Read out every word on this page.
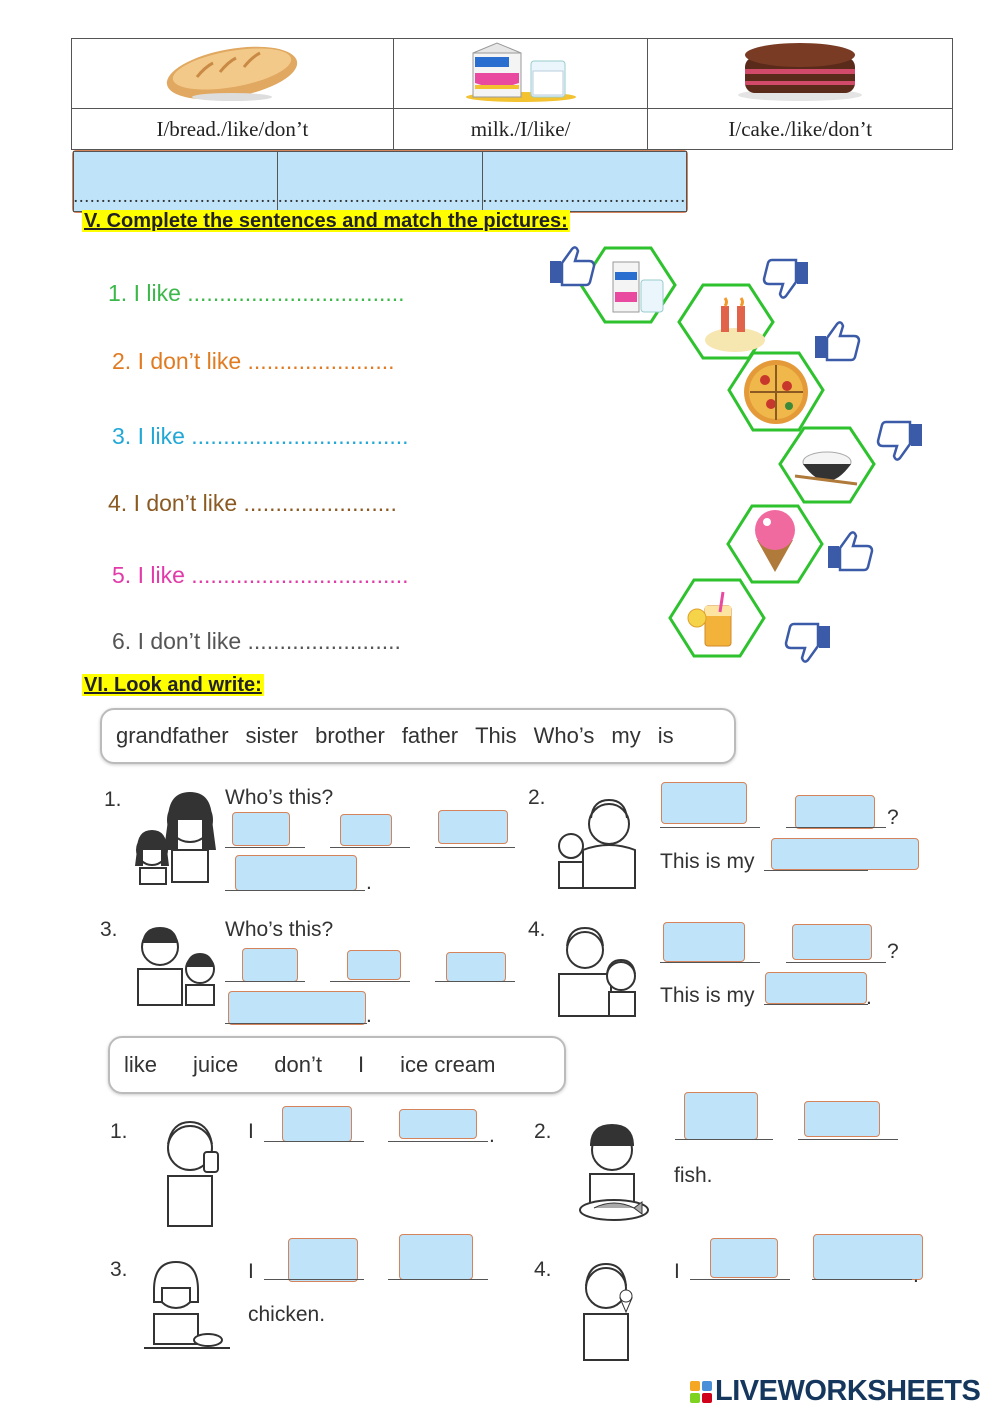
I/bread./like/don’t	milk./I/like/	I/cake./like/don’t

.....................................	.....................................	.....................................
V. Complete the sentences and match the pictures:
1. I like ..................................
2. I don’t like .......................
3. I like ..................................
4. I don’t like ........................
5. I like ..................................
6. I don’t like ........................
VI. Look and write:
grandfather sister brother father This Who’s my is
1.	Who’s this?
.
2.
?
This is my
3.	Who’s this?
.
4.
?
This is my	.
like juice don’t I ice cream
1.	I	. 2.
fish.
3.	I
chicken.
4.	I	.
LIVEWORKSHEETS
